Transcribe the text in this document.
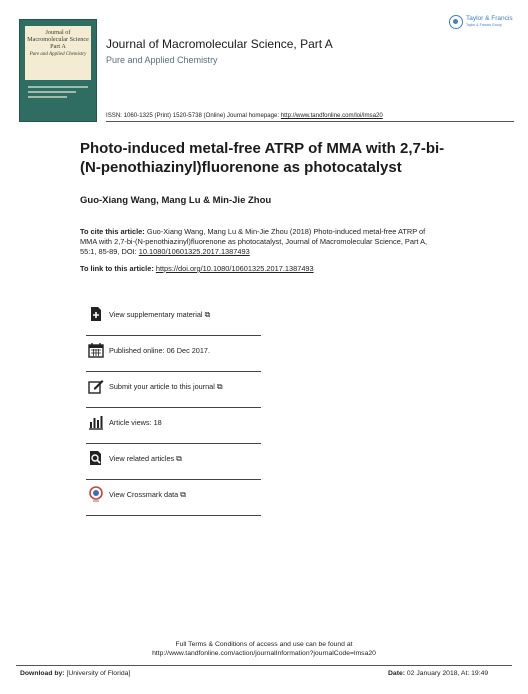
Journal of Macromolecular Science Part A
Pure and Applied Chemistry
Journal of Macromolecular Science, Part A
Pure and Applied Chemistry
Taylor & Francis
Taylor & Francis Group
ISSN: 1060-1325 (Print) 1520-5738 (Online) Journal homepage: http://www.tandfonline.com/loi/lmsa20
Photo-induced metal-free ATRP of MMA with 2,7-bi-(N-penothiazinyl)fluorenone as photocatalyst
Guo-Xiang Wang, Mang Lu & Min-Jie Zhou
To cite this article: Guo-Xiang Wang, Mang Lu & Min-Jie Zhou (2018) Photo-induced metal-free ATRP of MMA with 2,7-bi-(N-penothiazinyl)fluorenone as photocatalyst, Journal of Macromolecular Science, Part A, 55:1, 85-89, DOI: 10.1080/10601325.2017.1387493
To link to this article: https://doi.org/10.1080/10601325.2017.1387493
View supplementary material ⧉
Published online: 06 Dec 2017.
Submit your article to this journal ⧉
Article views: 18
View related articles ⧉
View Crossmark data ⧉
Full Terms & Conditions of access and use can be found at
http://www.tandfonline.com/action/journalInformation?journalCode=lmsa20
Download by: [University of Florida]	Date: 02 January 2018, At: 19:49
